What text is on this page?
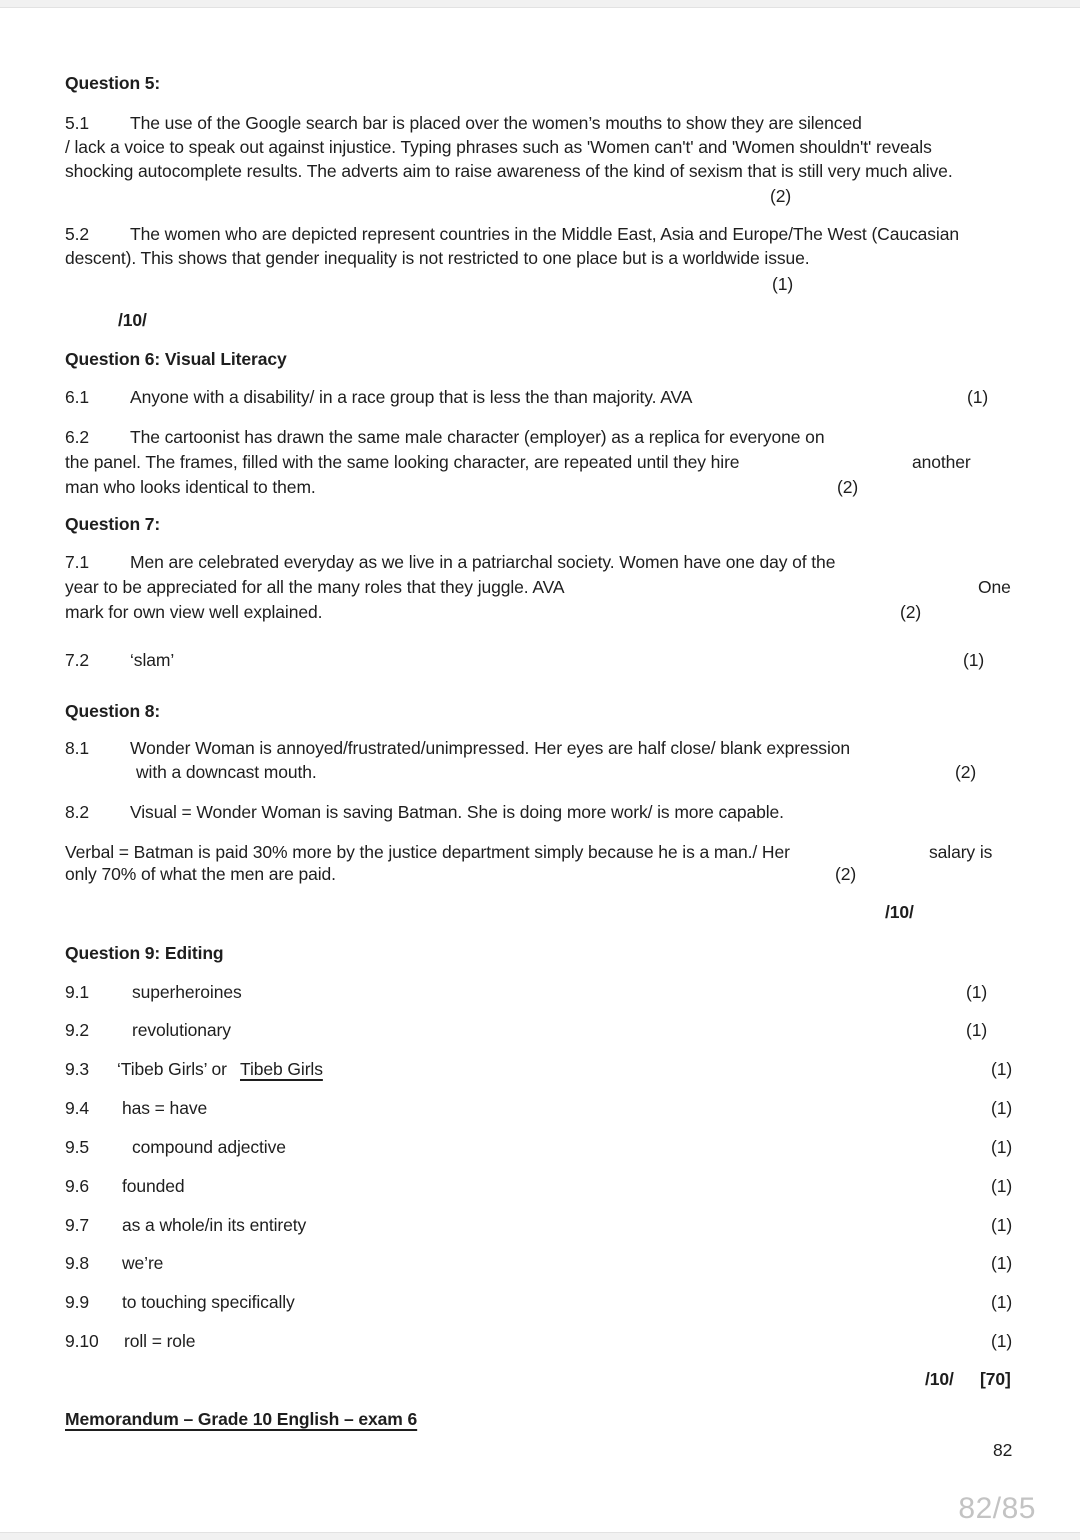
Question 5:
5.1 The use of the Google search bar is placed over the women’s mouths to show they are silenced
/ lack a voice to speak out against injustice. Typing phrases such as 'Women can't' and 'Women shouldn't' reveals
shocking autocomplete results. The adverts aim to raise awareness of the kind of sexism that is still very much alive.
(2)
5.2 The women who are depicted represent countries in the Middle East, Asia and Europe/The West (Caucasian
descent). This shows that gender inequality is not restricted to one place but is a worldwide issue.
(1)
/10/
Question 6: Visual Literacy
6.1 Anyone with a disability/ in a race group that is less the than majority. AVA	(1)
6.2 The cartoonist has drawn the same male character (employer) as a replica for everyone on
the panel. The frames, filled with the same looking character, are repeated until they hire	another
man who looks identical to them.	(2)
Question 7:
7.1 Men are celebrated everyday as we live in a patriarchal society. Women have one day of the
year to be appreciated for all the many roles that they juggle. AVA	One
mark for own view well explained.	(2)
7.2 ‘slam’	(1)
Question 8:
8.1 Wonder Woman is annoyed/frustrated/unimpressed. Her eyes are half close/ blank expression
with a downcast mouth.	(2)
8.2 Visual = Wonder Woman is saving Batman. She is doing more work/ is more capable.
Verbal = Batman is paid 30% more by the justice department simply because he is a man./ Her	salary is
only 70% of what the men are paid.	(2)
/10/
Question 9: Editing
9.1 superheroines	(1)
9.2 revolutionary	(1)
9.3 ‘Tibeb Girls’ or Tibeb Girls	(1)
9.4 has = have	(1)
9.5 compound adjective	(1)
9.6 founded	(1)
9.7 as a whole/in its entirety	(1)
9.8 we’re	(1)
9.9 to touching specifically	(1)
9.10 roll = role	(1)
/10/ [70]
Memorandum – Grade 10 English – exam 6
82
82/85
